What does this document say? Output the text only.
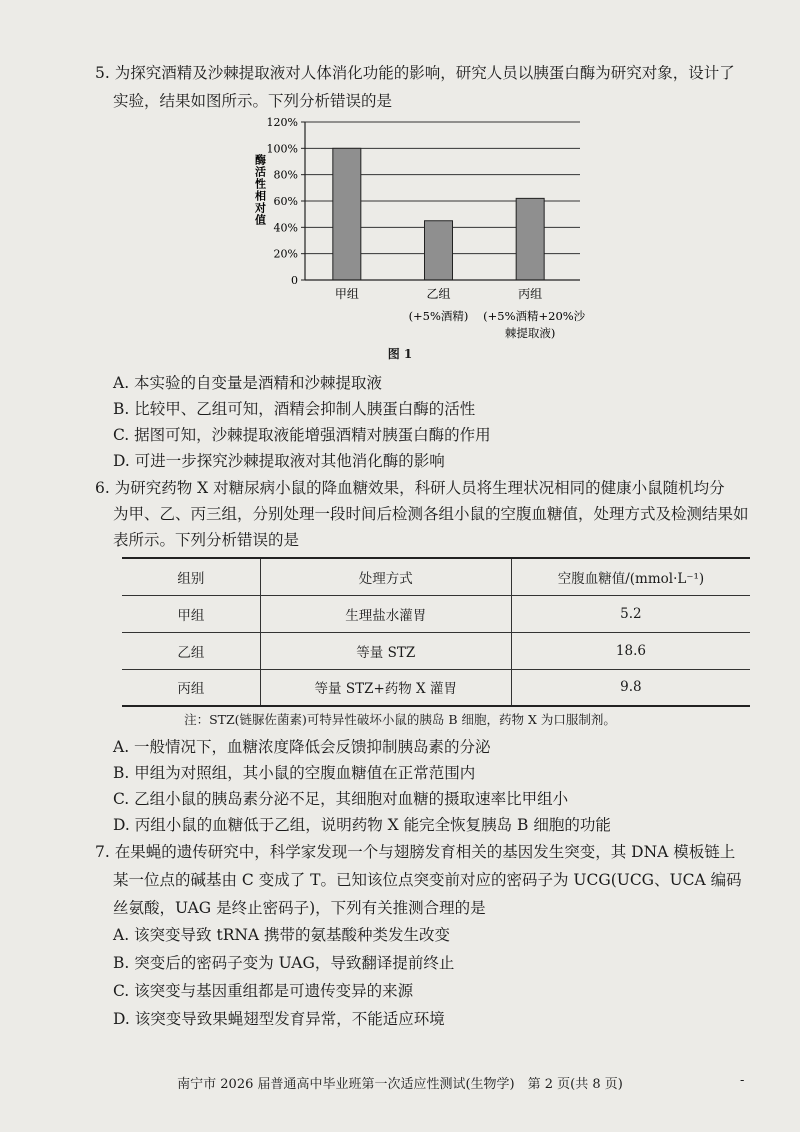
5. 为探究酒精及沙棘提取液对人体消化功能的影响，研究人员以胰蛋白酶为研究对象，设计了
实验，结果如图所示。下列分析错误的是
酶活性相对值
0
20%
40%
60%
80%
100%
120%
甲组	乙组
(+5%酒精)
丙组
(+5%酒精+20%沙
棘提取液)
图 1
A. 本实验的自变量是酒精和沙棘提取液
B. 比较甲、乙组可知，酒精会抑制人胰蛋白酶的活性
C. 据图可知，沙棘提取液能增强酒精对胰蛋白酶的作用
D. 可进一步探究沙棘提取液对其他消化酶的影响
6. 为研究药物 X 对糖尿病小鼠的降血糖效果，科研人员将生理状况相同的健康小鼠随机均分
为甲、乙、丙三组，分别处理一段时间后检测各组小鼠的空腹血糖值，处理方式及检测结果如
表所示。下列分析错误的是
组别	处理方式	空腹血糖值/(mmol·L⁻¹)
甲组	生理盐水灌胃	5.2
乙组	等量 STZ	18.6
丙组	等量 STZ+药物 X 灌胃	9.8
注：STZ(链脲佐菌素)可特异性破坏小鼠的胰岛 B 细胞，药物 X 为口服制剂。
A. 一般情况下，血糖浓度降低会反馈抑制胰岛素的分泌
B. 甲组为对照组，其小鼠的空腹血糖值在正常范围内
C. 乙组小鼠的胰岛素分泌不足，其细胞对血糖的摄取速率比甲组小
D. 丙组小鼠的血糖低于乙组，说明药物 X 能完全恢复胰岛 B 细胞的功能
7. 在果蝇的遗传研究中，科学家发现一个与翅膀发育相关的基因发生突变，其 DNA 模板链上
某一位点的碱基由 C 变成了 T。已知该位点突变前对应的密码子为 UCG(UCG、UCA 编码
丝氨酸，UAG 是终止密码子)，下列有关推测合理的是
A. 该突变导致 tRNA 携带的氨基酸种类发生改变
B. 突变后的密码子变为 UAG，导致翻译提前终止
C. 该突变与基因重组都是可遗传变异的来源
D. 该突变导致果蝇翅型发育异常，不能适应环境
南宁市 2026 届普通高中毕业班第一次适应性测试(生物学)　第 2 页(共 8 页)	-
